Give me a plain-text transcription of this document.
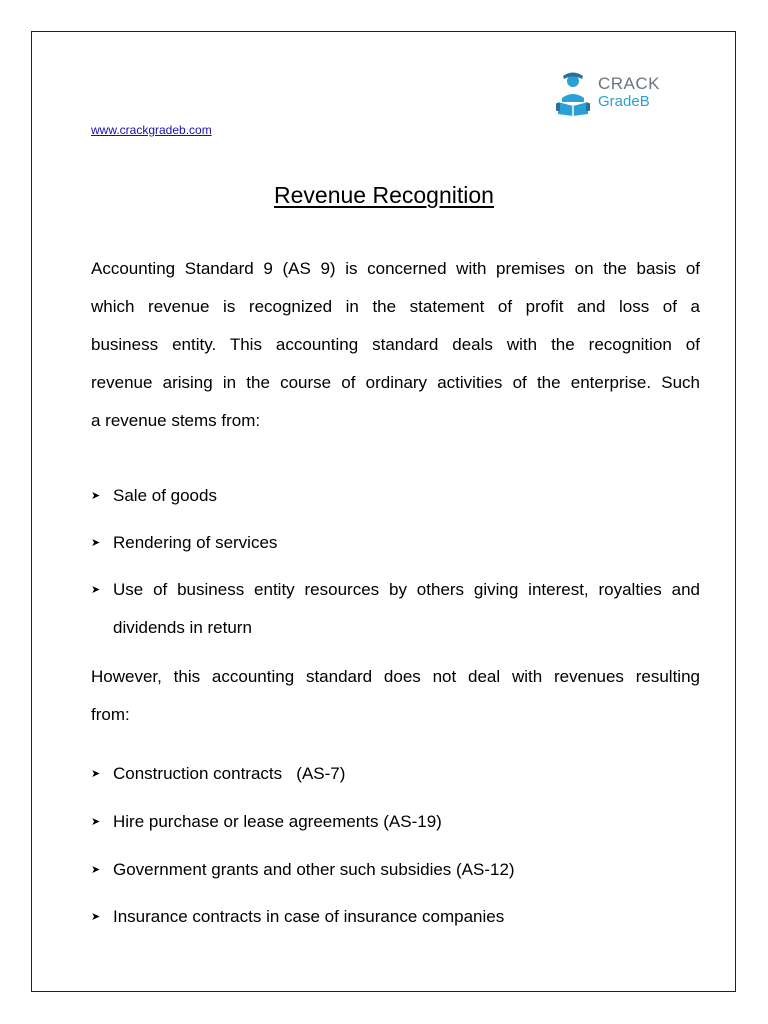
www.crackgradeb.com
CRACK
GradeB
Revenue Recognition
Accounting Standard 9 (AS 9) is concerned with premises on the basis of
which revenue is recognized in the statement of profit and loss of a
business entity. This accounting standard deals with the recognition of
revenue arising in the course of ordinary activities of the enterprise. Such
a revenue stems from:
➤ Sale of goods
➤ Rendering of services
➤ Use of business entity resources by others giving interest, royalties and
dividends in return
However, this accounting standard does not deal with revenues resulting
from:
➤ Construction contracts   (AS-7)
➤ Hire purchase or lease agreements (AS-19)
➤ Government grants and other such subsidies (AS-12)
➤ Insurance contracts in case of insurance companies
